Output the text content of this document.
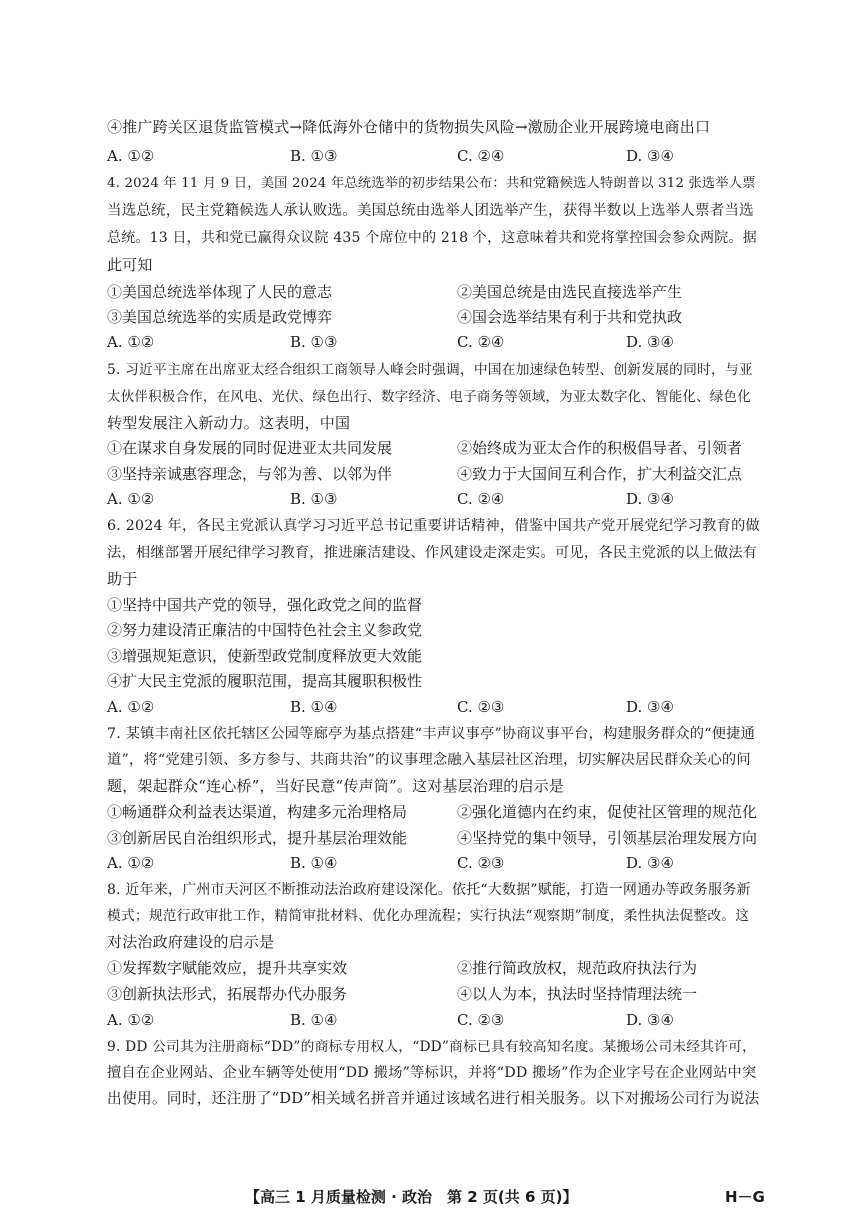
④推广跨关区退货监管模式→降低海外仓储中的货物损失风险→激励企业开展跨境电商出口
A. ①②	B. ①③	C. ②④	D. ③④
4. 2024 年 11 月 9 日，美国 2024 年总统选举的初步结果公布：共和党籍候选人特朗普以 312 张选举人票
当选总统，民主党籍候选人承认败选。美国总统由选举人团选举产生，获得半数以上选举人票者当选
总统。13 日，共和党已赢得众议院 435 个席位中的 218 个，这意味着共和党将掌控国会参众两院。据
此可知
①美国总统选举体现了人民的意志	②美国总统是由选民直接选举产生
③美国总统选举的实质是政党博弈	④国会选举结果有利于共和党执政
A. ①②	B. ①③	C. ②④	D. ③④
5. 习近平主席在出席亚太经合组织工商领导人峰会时强调，中国在加速绿色转型、创新发展的同时，与亚
太伙伴积极合作，在风电、光伏、绿色出行、数字经济、电子商务等领域，为亚太数字化、智能化、绿色化
转型发展注入新动力。这表明，中国
①在谋求自身发展的同时促进亚太共同发展	②始终成为亚太合作的积极倡导者、引领者
③坚持亲诚惠容理念，与邻为善、以邻为伴	④致力于大国间互利合作，扩大利益交汇点
A. ①②	B. ①③	C. ②④	D. ③④
6. 2024 年，各民主党派认真学习习近平总书记重要讲话精神，借鉴中国共产党开展党纪学习教育的做
法，相继部署开展纪律学习教育，推进廉洁建设、作风建设走深走实。可见，各民主党派的以上做法有
助于
①坚持中国共产党的领导，强化政党之间的监督
②努力建设清正廉洁的中国特色社会主义参政党
③增强规矩意识，使新型政党制度释放更大效能
④扩大民主党派的履职范围，提高其履职积极性
A. ①②	B. ①④	C. ②③	D. ③④
7. 某镇丰南社区依托辖区公园等廊亭为基点搭建“丰声议事亭”协商议事平台，构建服务群众的“便捷通
道”，将“党建引领、多方参与、共商共治”的议事理念融入基层社区治理，切实解决居民群众关心的问
题，架起群众“连心桥”，当好民意“传声筒”。这对基层治理的启示是
①畅通群众利益表达渠道，构建多元治理格局	②强化道德内在约束，促使社区管理的规范化
③创新居民自治组织形式，提升基层治理效能	④坚持党的集中领导，引领基层治理发展方向
A. ①②	B. ①④	C. ②③	D. ③④
8. 近年来，广州市天河区不断推动法治政府建设深化。依托“大数据”赋能，打造一网通办等政务服务新
模式；规范行政审批工作，精简审批材料、优化办理流程；实行执法“观察期”制度，柔性执法促整改。这
对法治政府建设的启示是
①发挥数字赋能效应，提升共享实效	②推行简政放权，规范政府执法行为
③创新执法形式，拓展帮办代办服务	④以人为本，执法时坚持情理法统一
A. ①②	B. ①④	C. ②③	D. ③④
9. DD 公司其为注册商标“DD”的商标专用权人，“DD”商标已具有较高知名度。某搬场公司未经其许可，
擅自在企业网站、企业车辆等处使用“DD 搬场”等标识，并将“DD 搬场”作为企业字号在企业网站中突
出使用。同时，还注册了“DD”相关域名拼音并通过该域名进行相关服务。以下对搬场公司行为说法
【高三 1 月质量检测 · 政治　第 2 页(共 6 页)】	H－G
